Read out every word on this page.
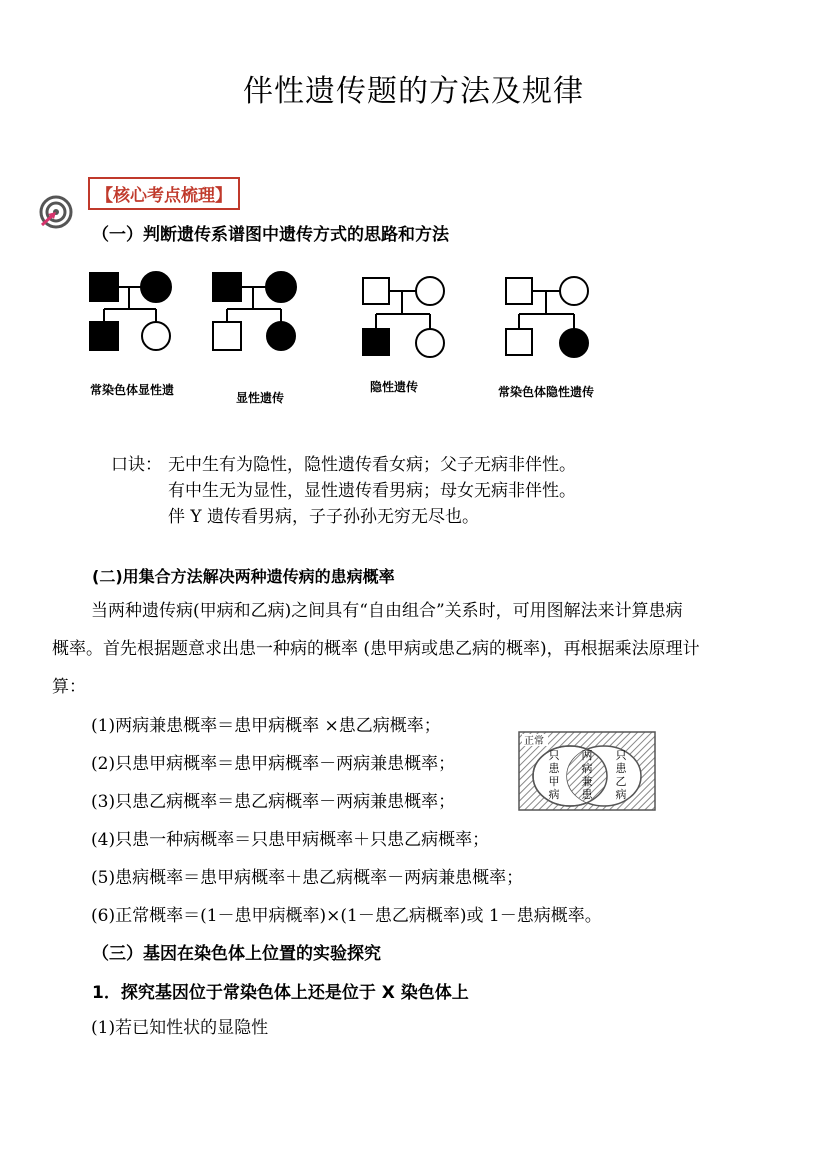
伴性遗传题的方法及规律
【核心考点梳理】
（一）判断遗传系谱图中遗传方式的思路和方法
常染色体显性遗
显性遗传
隐性遗传	常染色体隐性遗传
口诀： 无中生有为隐性，隐性遗传看女病；父子无病非伴性。
有中生无为显性，显性遗传看男病；母女无病非伴性。
伴 Y 遗传看男病，子子孙孙无穷无尽也。
(二)用集合方法解决两种遗传病的患病概率
当两种遗传病(甲病和乙病)之间具有“自由组合”关系时，可用图解法来计算患病
概率。首先根据题意求出患一种病的概率 (患甲病或患乙病的概率)，再根据乘法原理计
算：
(1)两病兼患概率＝患甲病概率 ×患乙病概率；
(2)只患甲病概率＝患甲病概率－两病兼患概率；
(3)只患乙病概率＝患乙病概率－两病兼患概率；
(4)只患一种病概率＝只患甲病概率＋只患乙病概率；
(5)患病概率＝患甲病概率＋患乙病概率－两病兼患概率；
(6)正常概率＝(1－患甲病概率)×(1－患乙病概率)或 1－患病概率。
正常
只患甲病
两病兼患
只患乙病
（三）基因在染色体上位置的实验探究
1．探究基因位于常染色体上还是位于 X 染色体上
(1)若已知性状的显隐性
